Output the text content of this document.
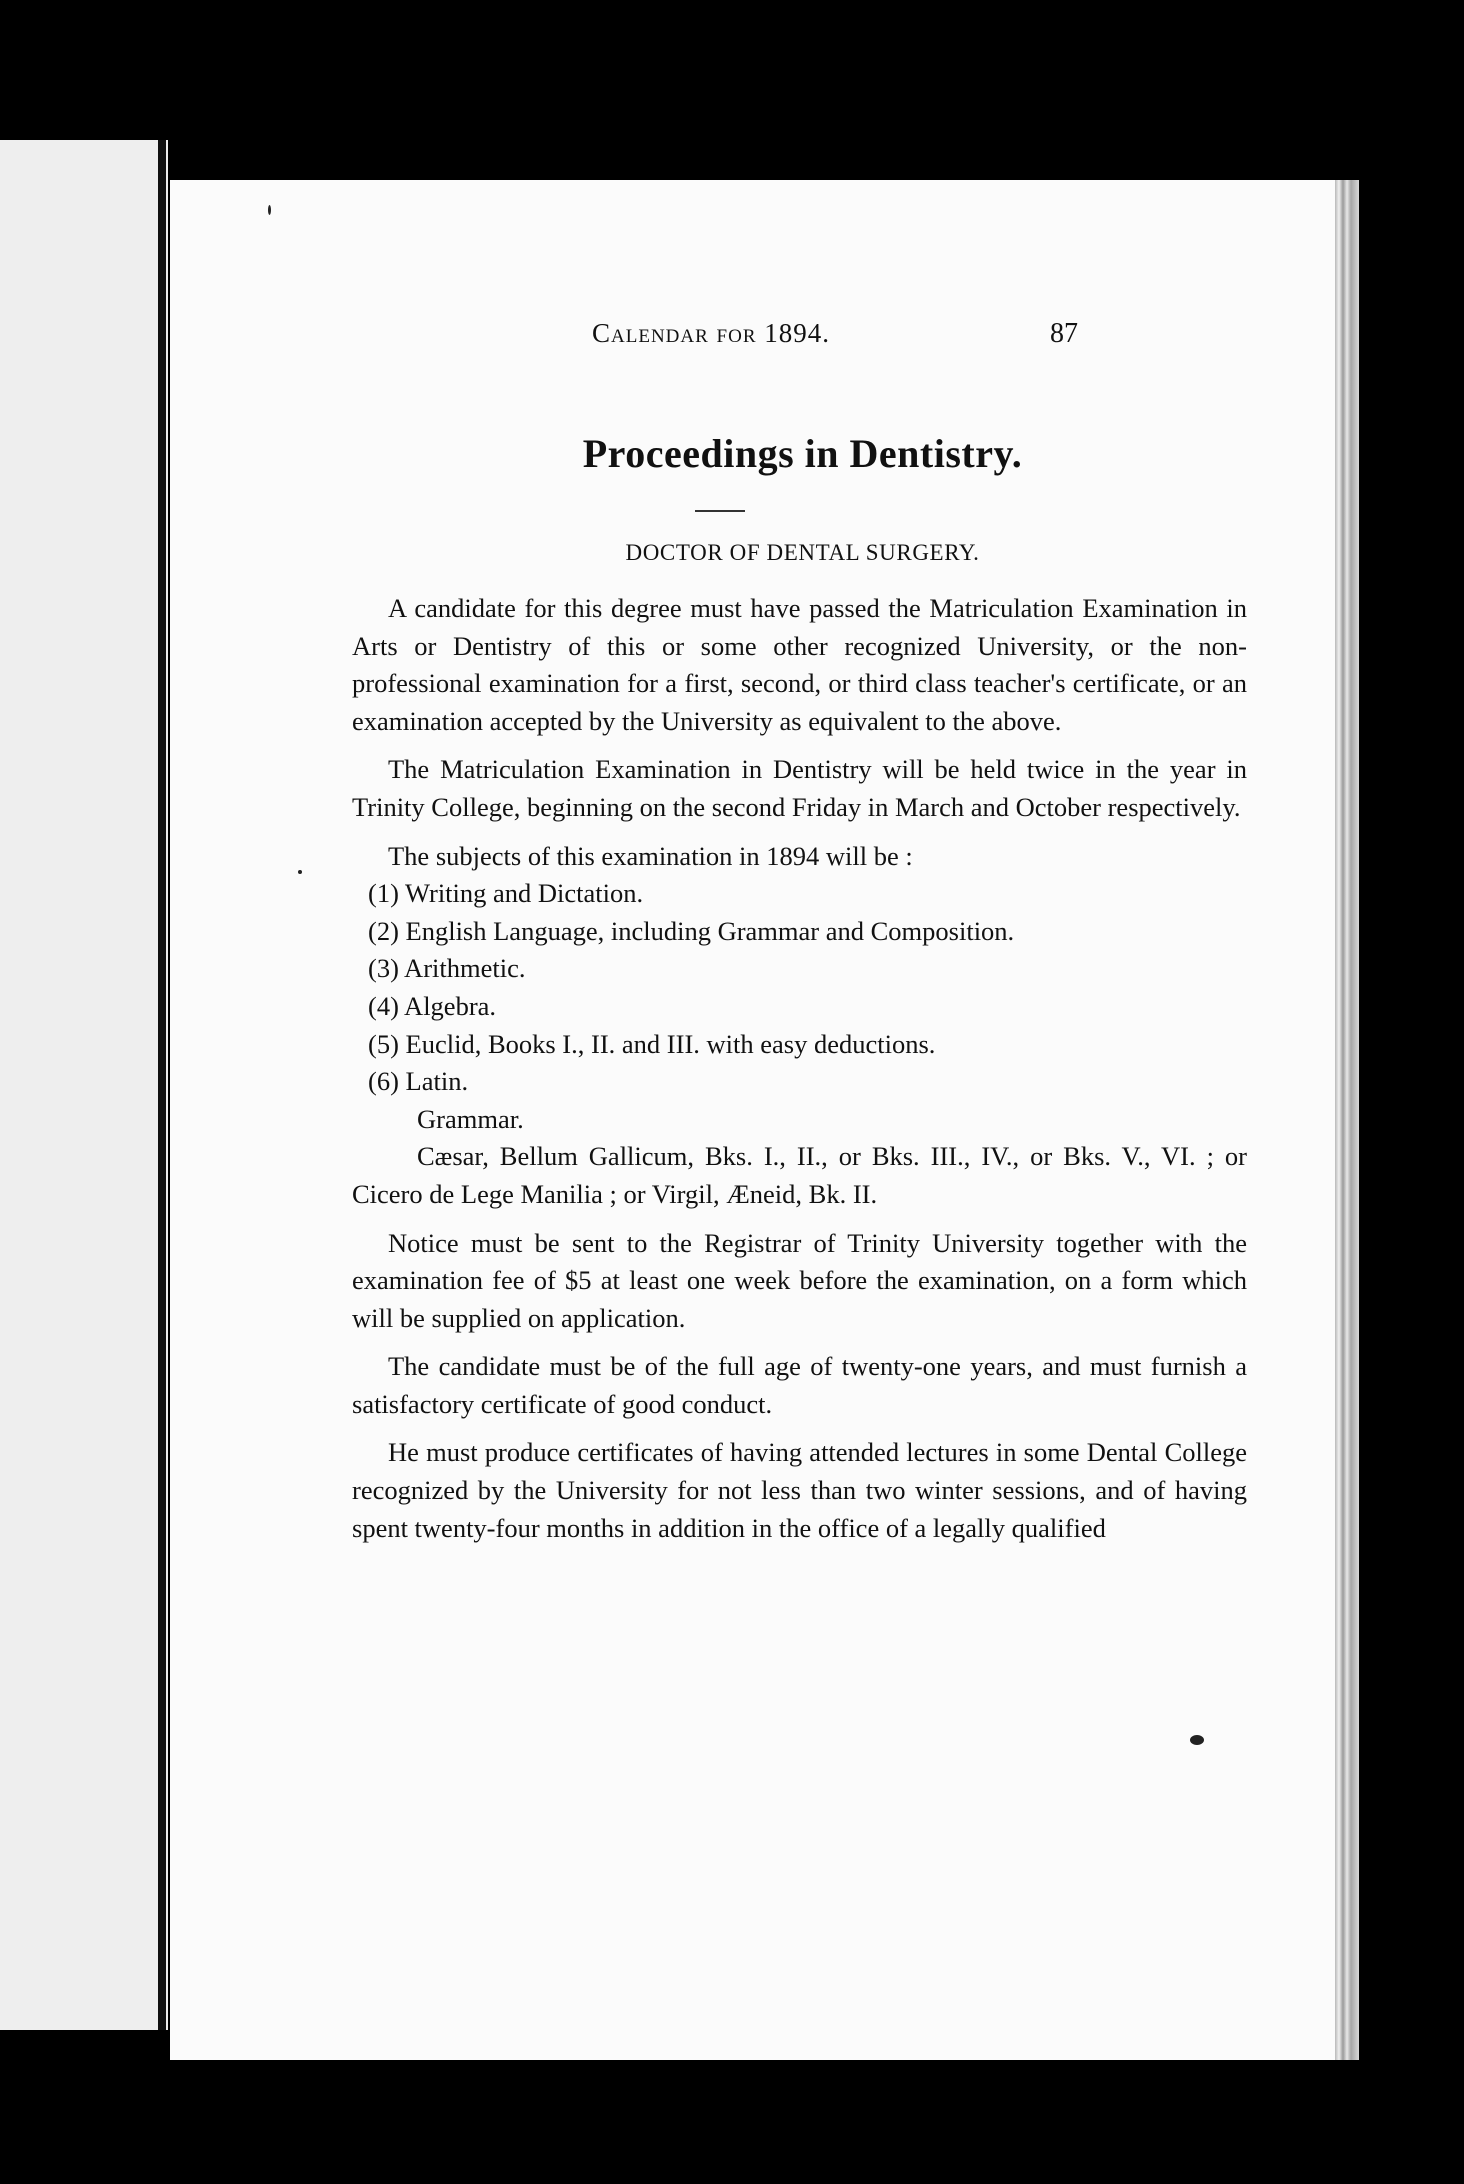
Calendar for 1894.	87
Proceedings in Dentistry.
DOCTOR OF DENTAL SURGERY.

A candidate for this degree must have passed the Matriculation Examination in Arts or Dentistry of this or some other recognized University, or the non-professional examination for a first, second, or third class teacher's certificate, or an examination accepted by the University as equivalent to the above.

The Matriculation Examination in Dentistry will be held twice in the year in Trinity College, beginning on the second Friday in March and October respectively.

The subjects of this examination in 1894 will be :

(1) Writing and Dictation.

(2) English Language, including Grammar and Composition.

(3) Arithmetic.

(4) Algebra.

(5) Euclid, Books I., II. and III. with easy deductions.

(6) Latin.

Grammar.

Cæsar, Bellum Gallicum, Bks. I., II., or Bks. III., IV., or Bks. V., VI. ; or Cicero de Lege Manilia ; or Virgil, Æneid, Bk. II.

Notice must be sent to the Registrar of Trinity University together with the examination fee of $5 at least one week before the examination, on a form which will be supplied on application.

The candidate must be of the full age of twenty-one years, and must furnish a satisfactory certificate of good conduct.

He must produce certificates of having attended lectures in some Dental College recognized by the University for not less than two winter sessions, and of having spent twenty-four months in addition in the office of a legally qualified
